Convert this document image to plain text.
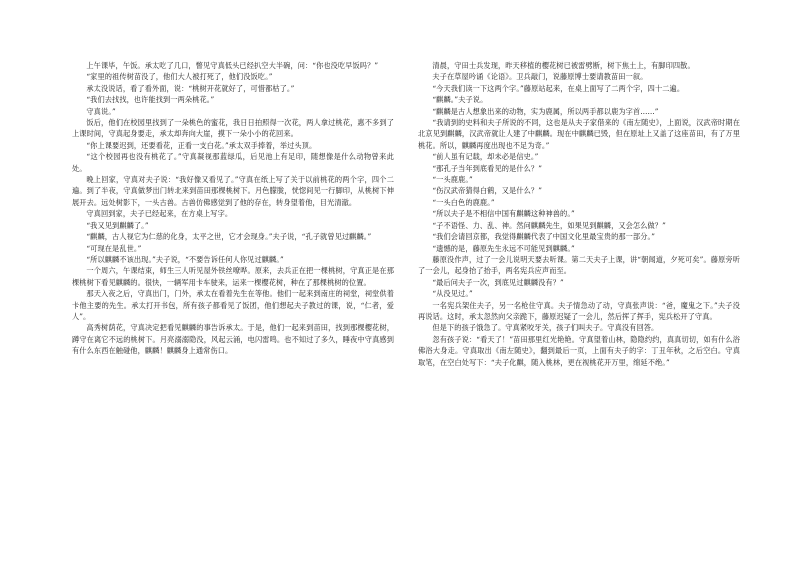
上午课毕，午饭。承太吃了几口，瞥见守真低头已经扒空大半碗，问：“你也没吃早饭吗？”

“家里的祖传树苗没了，他们大人被打死了，他们没饭吃。”

承太没说话，看了看外面，说：“桃树开花就好了，可惜都枯了。”

“我们去找找，也许能找到一两朵桃花。”

守真说。”

饭后，他们在校园里找到了一朵桃色的蜜花，我日日拍照得一次花，两人拿过桃花，惠不多到了上课时间，守真起身要走，承太却奔向大崖，摸下一朵小小的花回来。

“你上课要迟到，还要看花，正看一支白花。”承太双手捧着，举过头顶。

“这个校园再也没有桃花了。”守真凝视那蓝绿瓜，后见池上有足印，随想像是什么动物曾来此处。

晚上回家，守真对夫子说：“我好像又看见了。”守真在纸上写了关于以前桃花的两个字，四个二遍。到了半夜，守真做梦出门转北来到苗田那棵桃树下。月色朦胧，恍惚间见一行脚印，从桃树下伸展开去。远处树影下，一头古兽。古兽仿佛感觉到了他的存在，转身望着他，目光清澈。

守真回到家，夫子已经起来，在方桌上写字。

“我又见到麒麟了。”

“麒麟，古人视它为仁慈的化身，太平之世，它才会现身。”夫子说，“孔子就曾见过麒麟。”

“可现在是乱世。”

“所以麒麟不该出现。”夫子说，“不要告诉任何人你见过麒麟。”

一个周六，午课结束，师生三人听见屋外铁丝嘹哗。原来，去兵正在把一棵桃树，守真正是在那棵桃树下看见麒麟的。很快，一辆军用卡车驶来，运来一棵樱花树，种在了那棵桃树的位置。

那天入夜之后，守真出门，门外，承太在看着先生在等他。他们一起来到南庄的祠堂，祠堂供着卡他主要的先生。承太打开书包，所有孩子都看见了饭团，他们想起夫子教过的课，说，“仁者，爱人”。

高秀树荫花，守真决定把看见麒麟的事告诉承太。于是，他们一起来到苗田，找到那棵樱花树，蹲守在离它不远的桃树下。月亮溺溺隐没，风起云涌，电闪雷鸣。也不知过了多久，睡夜中守真感到有什么东西在触碰他，麒麟！麒麟身上通常伤口。

清晨，守田士兵发现，昨天移植的樱花树已被雷劈断，树下焦土上，有脚印四散。

夫子在草屋吟诵《论语》。卫兵敲门，说藤原博士要请教苗田一叙。

“今天我们读一下这两个字。”藤原站起来，在桌上面写了二两个字，四十二遍。

“麒麟。”夫子说。

“麒麟是古人想象出来的动物，实为鹿属，所以两手都以鹿为字首……”

“我请到的史料和夫子所说的不同，这也是从夫子家借来的《南左随史》，上面说，汉武帝时期在北京见到麒麟，汉武帝就让人建了中麒麟。现在中麒麟已毁，但在原址上又盖了这座苗田，有了万里桃花。所以，麒麟再度出现也不足为奇。”

“前人虽有记载，却未必是信史。”

“那孔子当年到底看见的是什么？”

“一头鹿鹿。”

“伤汉武帝猜得白鹤，又是什么？”

“一头白色的鹿鹿。”

“所以夫子是不相信中国有麒麟这种神兽的。”

“子不语怪、力、乱、神。然问麒麟先生，如果见到麒麟，又会怎么做？”

“我们会请回京都，我觉得麒麟代表了中国文化里最宝贵的那一部分。”

“遗憾的是，藤原先生永远不可能见到麒麟。”

藤原没作声，过了一会儿说明天要去听课。第二天夫子上课，讲“朝闻道，夕死可矣”。藤原旁听了一会儿，起身抬了抬手，两名宪兵应声而至。

“最后问夫子一次，到底见过麒麟没有？”

“从没见过。”

一名宪兵架住夫子，另一名枪住守真。夫子情急动了动，守真张声说：“爸，魔鬼之下。”夫子没再说话。这时，承太忽然向父亲跪下，藤原迟疑了一会儿，然后挥了挥手，宪兵松开了守真。

但是下的孩子饿急了。守真紧咬牙关，孩子们叫夫子。守真没有回答。

忽有孩子说：“看天了！”苗田那里红光艳艳。守真望着山林，隐隐约约，真真切切，如有什么浴佛浴大身走。守真取出《南左随史》，翻到最后一页，上面有夫子的字：丁丑年秋，之后空白。守真取笔，在空白处写下：“夫子化麒，随入桃林，更在视桃花开万里，绵延不绝。”
